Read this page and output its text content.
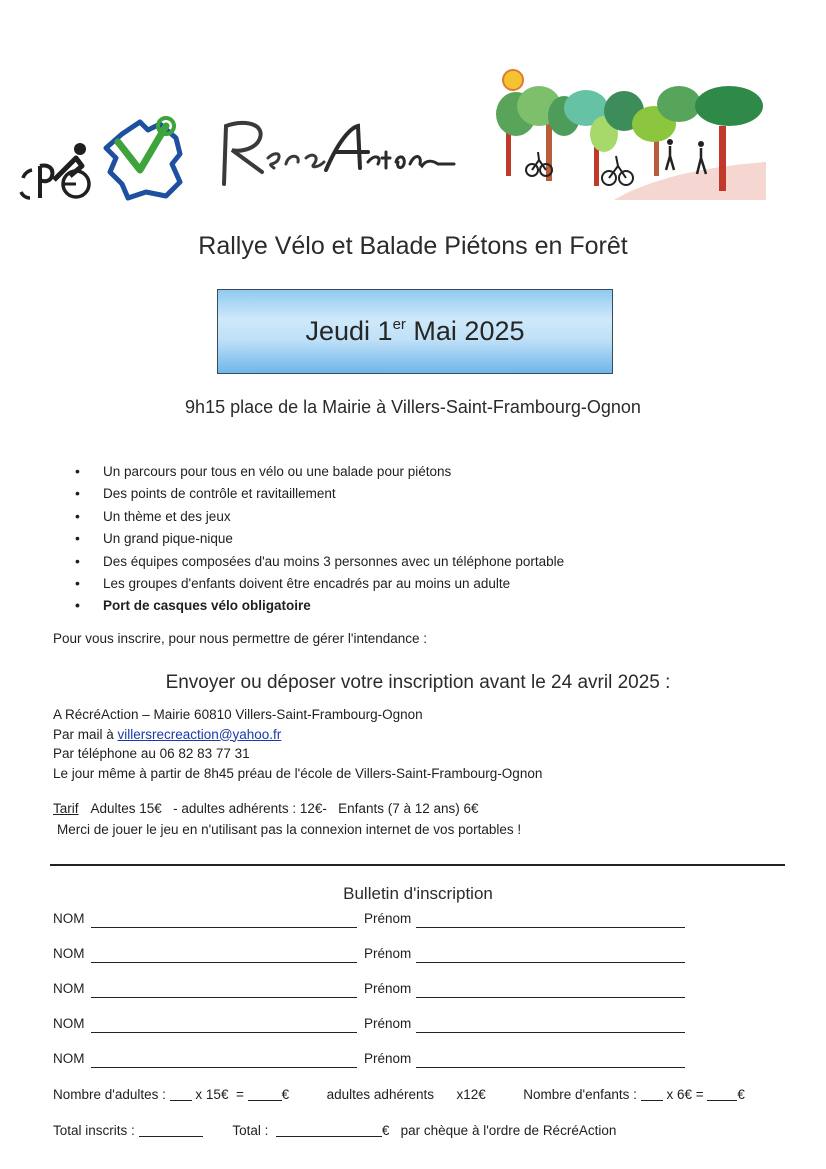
Rallye Vélo et Balade Piétons en Forêt
Jeudi 1er Mai 2025
9h15 place de la Mairie à Villers-Saint-Frambourg-Ognon
• Un parcours pour tous en vélo ou une balade pour piétons
• Des points de contrôle et ravitaillement
• Un thème et des jeux
• Un grand pique-nique
• Des équipes composées d'au moins 3 personnes avec un téléphone portable
• Les groupes d'enfants doivent être encadrés par au moins un adulte
• Port de casques vélo obligatoire
Pour vous inscrire, pour nous permettre de gérer l'intendance :
Envoyer ou déposer votre inscription avant le 24 avril 2025 :
A RécréAction – Mairie 60810 Villers-Saint-Frambourg-Ognon
Par mail à villersrecreaction@yahoo.fr
Par téléphone au 06 82 83 77 31
Le jour même à partir de 8h45 préau de l'école de Villers-Saint-Frambourg-Ognon
Tarif Adultes 15€   - adultes adhérents : 12€-   Enfants (7 à 12 ans) 6€
Merci de jouer le jeu en n'utilisant pas la connexion internet de vos portables !
Bulletin d'inscription
NOM	Prénom
NOM	Prénom
NOM	Prénom
NOM	Prénom
NOM	Prénom
Nombre d'adultes : x 15€  =	€	adultes adhérents x12€	Nombre d'enfants : x 6€ =	€
Total inscrits :	Total :	€ par chèque à l'ordre de RécréAction
